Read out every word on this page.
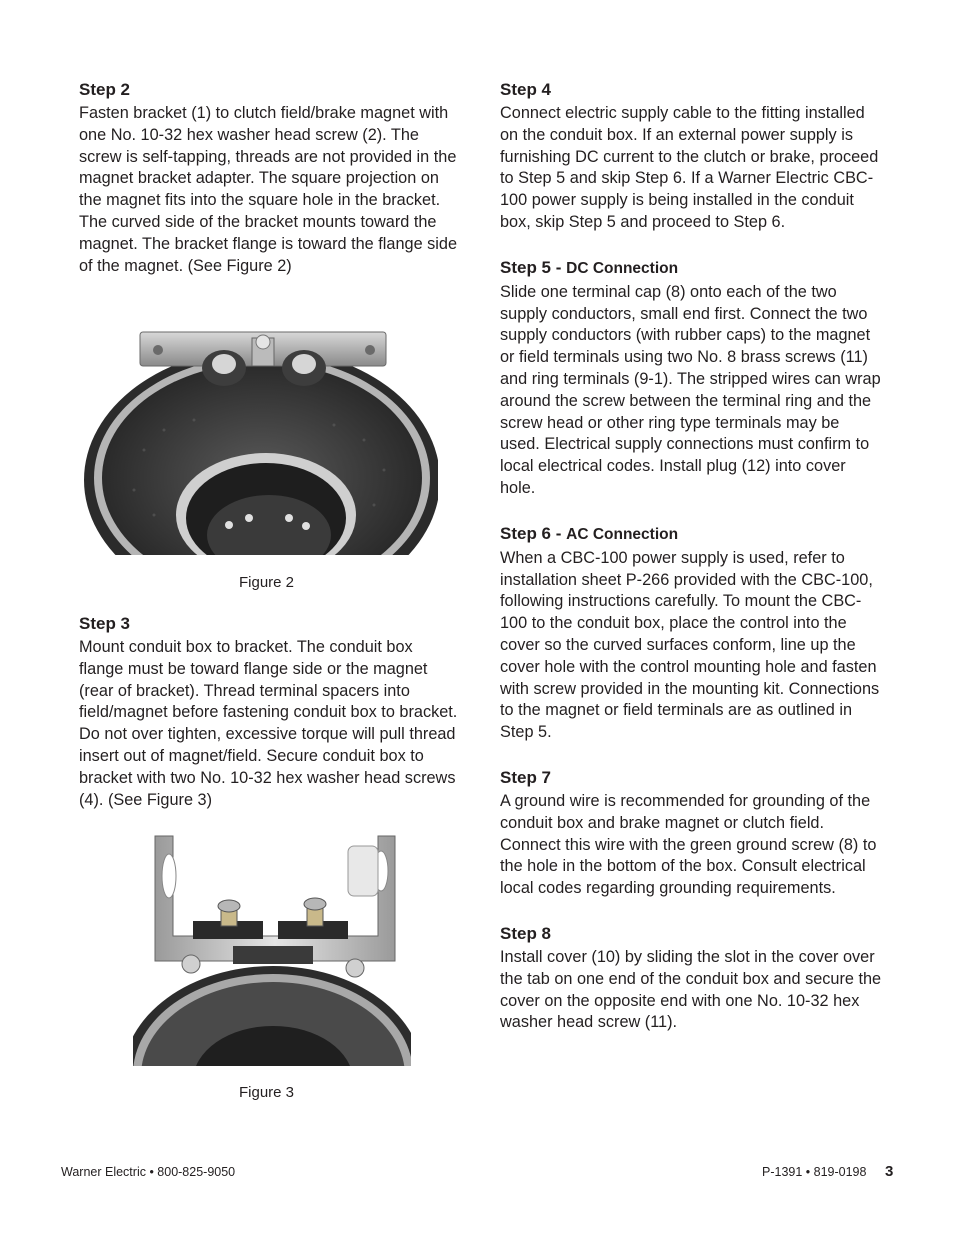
Step 2

Fasten bracket (1) to clutch field/brake magnet with one No. 10-32 hex washer head screw (2). The screw is self-tapping, threads are not provided in the magnet bracket adapter. The square projection on the magnet fits into the square hole in the bracket. The curved side of the bracket mounts toward the magnet. The bracket flange is toward the flange side of the magnet. (See Figure 2)

Figure 2
Step 3

Mount conduit box to bracket. The conduit box flange must be toward flange side or the magnet (rear of bracket). Thread terminal spacers into field/magnet before fastening conduit box to bracket. Do not over tighten, excessive torque will pull thread insert out of magnet/field. Secure conduit box to bracket with two No. 10-32 hex washer head screws (4). (See Figure 3)

Figure 3
Step 4

Connect electric supply cable to the fitting installed on the conduit box. If an external power supply is furnishing DC current to the clutch or brake, proceed to Step 5 and skip Step 6. If a Warner Electric CBC-100 power supply is being installed in the conduit box, skip Step 5 and proceed to Step 6.

Step 5 - DC Connection

Slide one terminal cap (8) onto each of the two supply conductors, small end first. Connect the two supply conductors (with rubber caps) to the magnet or field terminals using two No. 8 brass screws (11) and ring terminals (9-1). The stripped wires can wrap around the screw between the terminal ring and the screw head or other ring type terminals may be used. Electrical supply connections must confirm to local electrical codes. Install plug (12) into cover hole.

Step 6 - AC Connection

When a CBC-100 power supply is used, refer to installation sheet P-266 provided with the CBC-100, following instructions carefully. To mount the CBC-100 to the conduit box, place the control into the cover so the curved surfaces conform, line up the cover hole with the control mounting hole and fasten with screw provided in the mounting kit. Connections to the magnet or field terminals are as outlined in Step 5.

Step 7

A ground wire is recommended for grounding of the conduit box and brake magnet or clutch field. Connect this wire with the green ground screw (8) to the hole in the bottom of the box. Consult electrical local codes regarding grounding requirements.

Step 8

Install cover (10) by sliding the slot in the cover over the tab on one end of the conduit box and secure the cover on the opposite end with one No. 10-32 hex washer head screw (11).

Warner Electric • 800-825-9050	P-1391 • 819-0198 3
